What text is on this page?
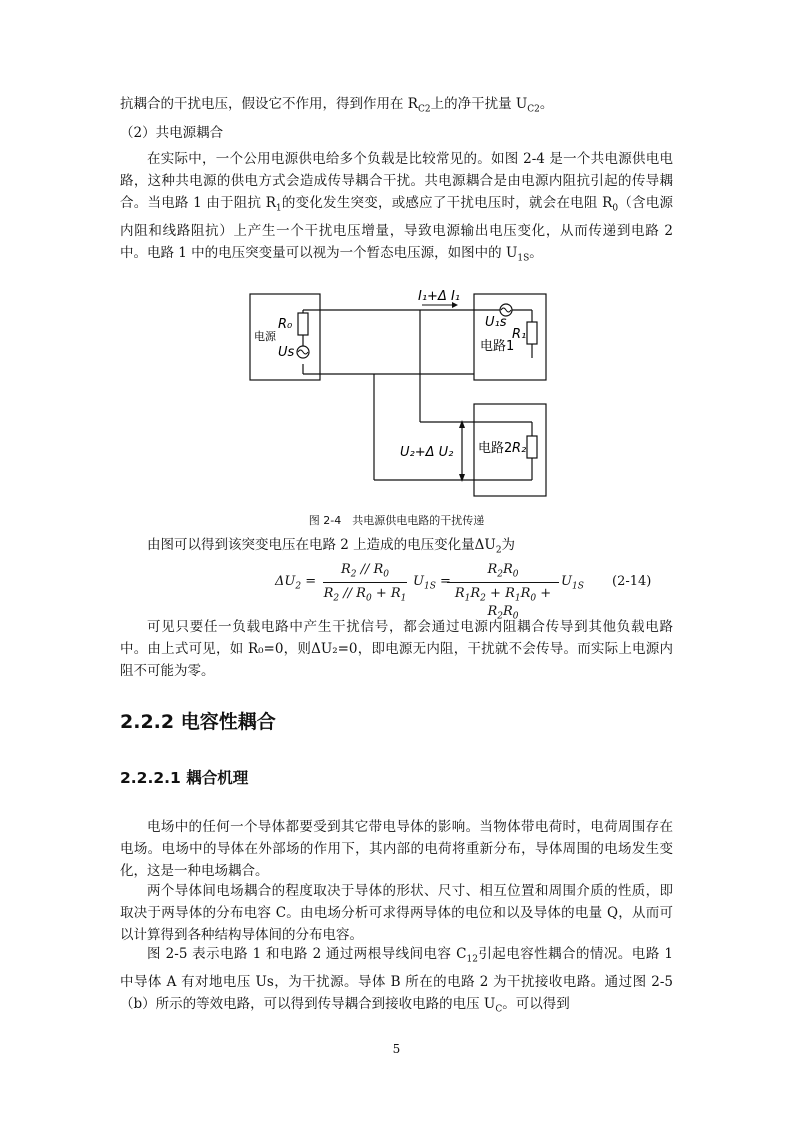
抗耦合的干扰电压，假设它不作用，得到作用在 $R_{C2}$上的净干扰量 $U_{C2}$。
（2）共电源耦合
在实际中，一个公用电源供电给多个负载是比较常见的。如图 2-4 是一个共电源供电电路，这种共电源的供电方式会造成传导耦合干扰。共电源耦合是由电源内阻抗引起的传导耦合。当电路 1 由于阻抗 $R_1$的变化发生突变，或感应了干扰电压时，就会在电阻 $R_0$（含电源内阻和线路阻抗）上产生一个干扰电压增量，导致电源输出电压变化，从而传递到电路 2 中。电路 1 中的电压突变量可以视为一个暂态电压源，如图中的 $U_{1S}$。
I₁+Δ I₁
R₀
Us
U₁s
R₁
电路1
U₂+Δ U₂ 电路2 R₂
电源
图 2-4　共电源供电电路的干扰传递
由图可以得到该突变电压在电路 2 上造成的电压变化量$\Delta U_2$为
$\Delta U_2$ =
$R_2 // R_0$
$R_2 // R_0 + R_1$
$U_{1S}$ =
$R_2R_0$
$R_1R_2 + R_1R_0 + R_2R_0$
$U_{1S}$ (2-14)
可见只要任一负载电路中产生干扰信号，都会通过电源内阻耦合传导到其他负载电路中。由上式可见，如 R₀=0，则ΔU₂=0，即电源无内阻，干扰就不会传导。而实际上电源内阻不可能为零。
2.2.2 电容性耦合
2.2.2.1 耦合机理
电场中的任何一个导体都要受到其它带电导体的影响。当物体带电荷时，电荷周围存在电场。电场中的导体在外部场的作用下，其内部的电荷将重新分布，导体周围的电场发生变化，这是一种电场耦合。
两个导体间电场耦合的程度取决于导体的形状、尺寸、相互位置和周围介质的性质，即取决于两导体的分布电容 C。由电场分析可求得两导体的电位和以及导体的电量 Q，从而可以计算得到各种结构导体间的分布电容。
图 2-5 表示电路 1 和电路 2 通过两根导线间电容 $C_{12}$引起电容性耦合的情况。电路 1 中导体 A 有对地电压 Us，为干扰源。导体 B 所在的电路 2 为干扰接收电路。通过图 2-5（b）所示的等效电路，可以得到传导耦合到接收电路的电压 $U_C$。可以得到
5
